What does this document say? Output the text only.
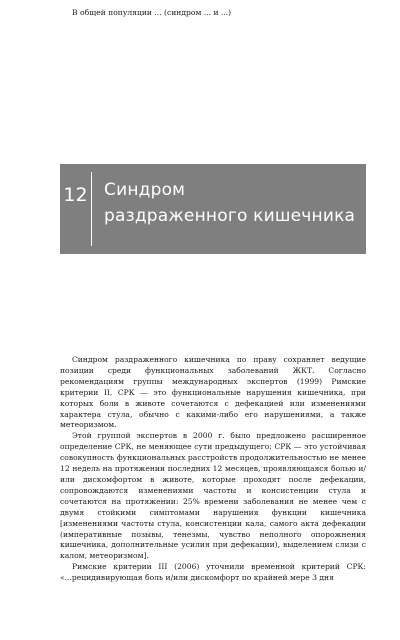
В общей популяции ... (синдром ... и ...)

12 Синдром
раздраженного кишечника

Синдром раздраженного кишечника по праву сохраняет ведущие позиции среди функциональных заболеваний ЖКТ. Согласно рекомендациям группы международных экспертов (1999) Римские критерии II, СРК — это функциональные нарушения кишечника, при которых боли в животе сочетаются с дефекацией или изменениями характера стула, обычно с какими-либо его нарушениями, а также метеоризмом.

Этой группой экспертов в 2000 г. было предложено расширенное определение СРК, не меняющее сути предыдущего: СРК — это устойчивая совокупность функциональных расстройств продолжительностью не менее 12 недель на протяжении последних 12 месяцев, проявляющаяся болью и/или дискомфортом в животе, которые проходят после дефекации, сопровождаются изменениями частоты и консистенции стула и сочетаются на протяжении: 25% времени заболевания не менее чем с двумя стойкими симптомами нарушения функции кишечника [изменениями частоты стула, консистенции кала, самого акта дефекации (императивные позывы, тенезмы, чувство неполного опорожнения кишечника, дополнительные усилия при дефекации), выделением слизи с калом, метеоризмом].

Римские критерии III (2006) уточнили временной критерий СРК: «...рецидивирующая боль и/или дискомфорт по крайней мере 3 дня
